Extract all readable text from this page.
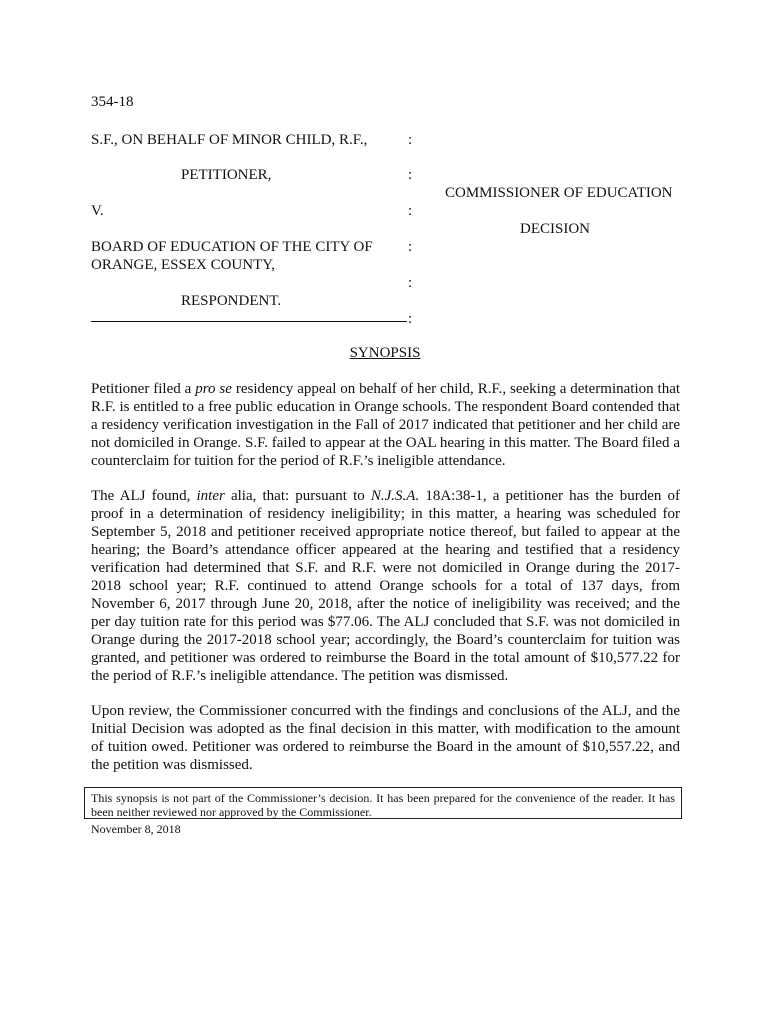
354-18
S.F., ON BEHALF OF MINOR CHILD, R.F.,
PETITIONER,
V.
BOARD OF EDUCATION OF THE CITY OF
ORANGE, ESSEX COUNTY,
RESPONDENT.
:
:
:
:
:
:
COMMISSIONER OF EDUCATION
DECISION
SYNOPSIS

Petitioner filed a pro se residency appeal on behalf of her child, R.F., seeking a determination that R.F. is entitled to a free public education in Orange schools. The respondent Board contended that a residency verification investigation in the Fall of 2017 indicated that petitioner and her child are not domiciled in Orange. S.F. failed to appear at the OAL hearing in this matter. The Board filed a counterclaim for tuition for the period of R.F.’s ineligible attendance.

The ALJ found, inter alia, that: pursuant to N.J.S.A. 18A:38-1, a petitioner has the burden of proof in a determination of residency ineligibility; in this matter, a hearing was scheduled for September 5, 2018 and petitioner received appropriate notice thereof, but failed to appear at the hearing; the Board’s attendance officer appeared at the hearing and testified that a residency verification had determined that S.F. and R.F. were not domiciled in Orange during the 2017-2018 school year; R.F. continued to attend Orange schools for a total of 137 days, from November 6, 2017 through June 20, 2018, after the notice of ineligibility was received; and the per day tuition rate for this period was $77.06. The ALJ concluded that S.F. was not domiciled in Orange during the 2017-2018 school year; accordingly, the Board’s counterclaim for tuition was granted, and petitioner was ordered to reimburse the Board in the total amount of $10,577.22 for the period of R.F.’s ineligible attendance. The petition was dismissed.

Upon review, the Commissioner concurred with the findings and conclusions of the ALJ, and the Initial Decision was adopted as the final decision in this matter, with modification to the amount of tuition owed. Petitioner was ordered to reimburse the Board in the amount of $10,557.22, and the petition was dismissed.

This synopsis is not part of the Commissioner’s decision. It has been prepared for the convenience of the reader. It has been neither reviewed nor approved by the Commissioner.
November 8, 2018
